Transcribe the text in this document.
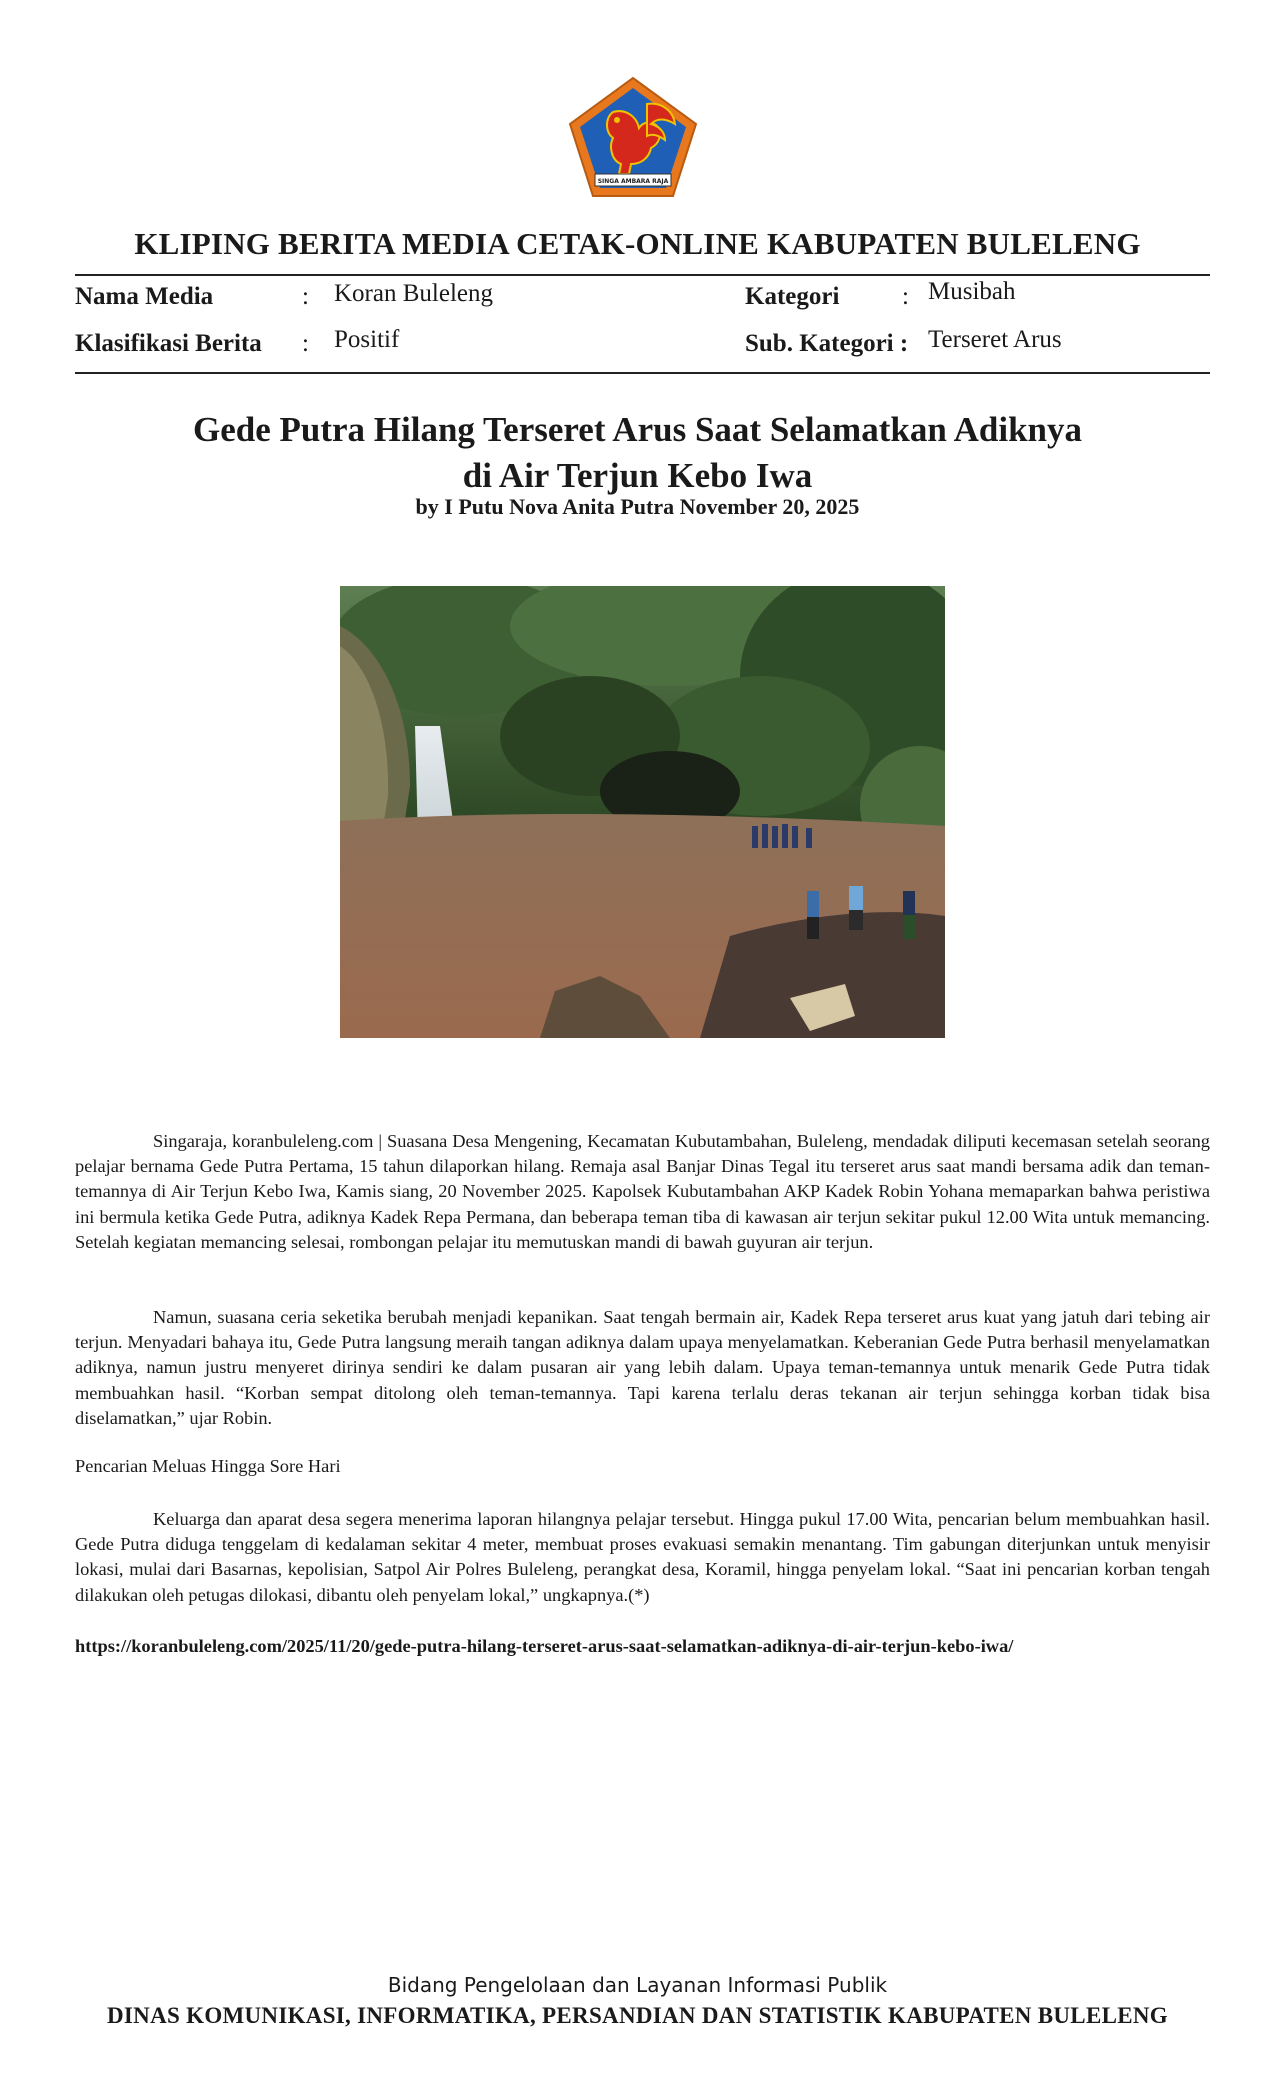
SINGA AMBARA RAJA
KLIPING BERITA MEDIA CETAK-ONLINE KABUPATEN BULELENG
Nama Media	: Koran Buleleng	Kategori	: Musibah
Klasifikasi Berita : Positif	Sub. Kategori : Terseret Arus
Gede Putra Hilang Terseret Arus Saat Selamatkan Adiknya
di Air Terjun Kebo Iwa
by I Putu Nova Anita Putra November 20, 2025
Singaraja, koranbuleleng.com | Suasana Desa Mengening, Kecamatan Kubutambahan, Buleleng, mendadak diliputi kecemasan setelah seorang pelajar bernama Gede Putra Pertama, 15 tahun dilaporkan hilang. Remaja asal Banjar Dinas Tegal itu terseret arus saat mandi bersama adik dan teman-temannya di Air Terjun Kebo Iwa, Kamis siang, 20 November 2025. Kapolsek Kubutambahan AKP Kadek Robin Yohana memaparkan bahwa peristiwa ini bermula ketika Gede Putra, adiknya Kadek Repa Permana, dan beberapa teman tiba di kawasan air terjun sekitar pukul 12.00 Wita untuk memancing. Setelah kegiatan memancing selesai, rombongan pelajar itu memutuskan mandi di bawah guyuran air terjun.
Namun, suasana ceria seketika berubah menjadi kepanikan. Saat tengah bermain air, Kadek Repa terseret arus kuat yang jatuh dari tebing air terjun. Menyadari bahaya itu, Gede Putra langsung meraih tangan adiknya dalam upaya menyelamatkan. Keberanian Gede Putra berhasil menyelamatkan adiknya, namun justru menyeret dirinya sendiri ke dalam pusaran air yang lebih dalam. Upaya teman-temannya untuk menarik Gede Putra tidak membuahkan hasil. “Korban sempat ditolong oleh teman-temannya. Tapi karena terlalu deras tekanan air terjun sehingga korban tidak bisa diselamatkan,” ujar Robin.
Pencarian Meluas Hingga Sore Hari
Keluarga dan aparat desa segera menerima laporan hilangnya pelajar tersebut. Hingga pukul 17.00 Wita, pencarian belum membuahkan hasil. Gede Putra diduga tenggelam di kedalaman sekitar 4 meter, membuat proses evakuasi semakin menantang. Tim gabungan diterjunkan untuk menyisir lokasi, mulai dari Basarnas, kepolisian, Satpol Air Polres Buleleng, perangkat desa, Koramil, hingga penyelam lokal. “Saat ini pencarian korban tengah dilakukan oleh petugas dilokasi, dibantu oleh penyelam lokal,” ungkapnya.(*)
https://koranbuleleng.com/2025/11/20/gede-putra-hilang-terseret-arus-saat-selamatkan-adiknya-di-air-terjun-kebo-iwa/
Bidang Pengelolaan dan Layanan Informasi Publik
DINAS KOMUNIKASI, INFORMATIKA, PERSANDIAN DAN STATISTIK KABUPATEN BULELENG
